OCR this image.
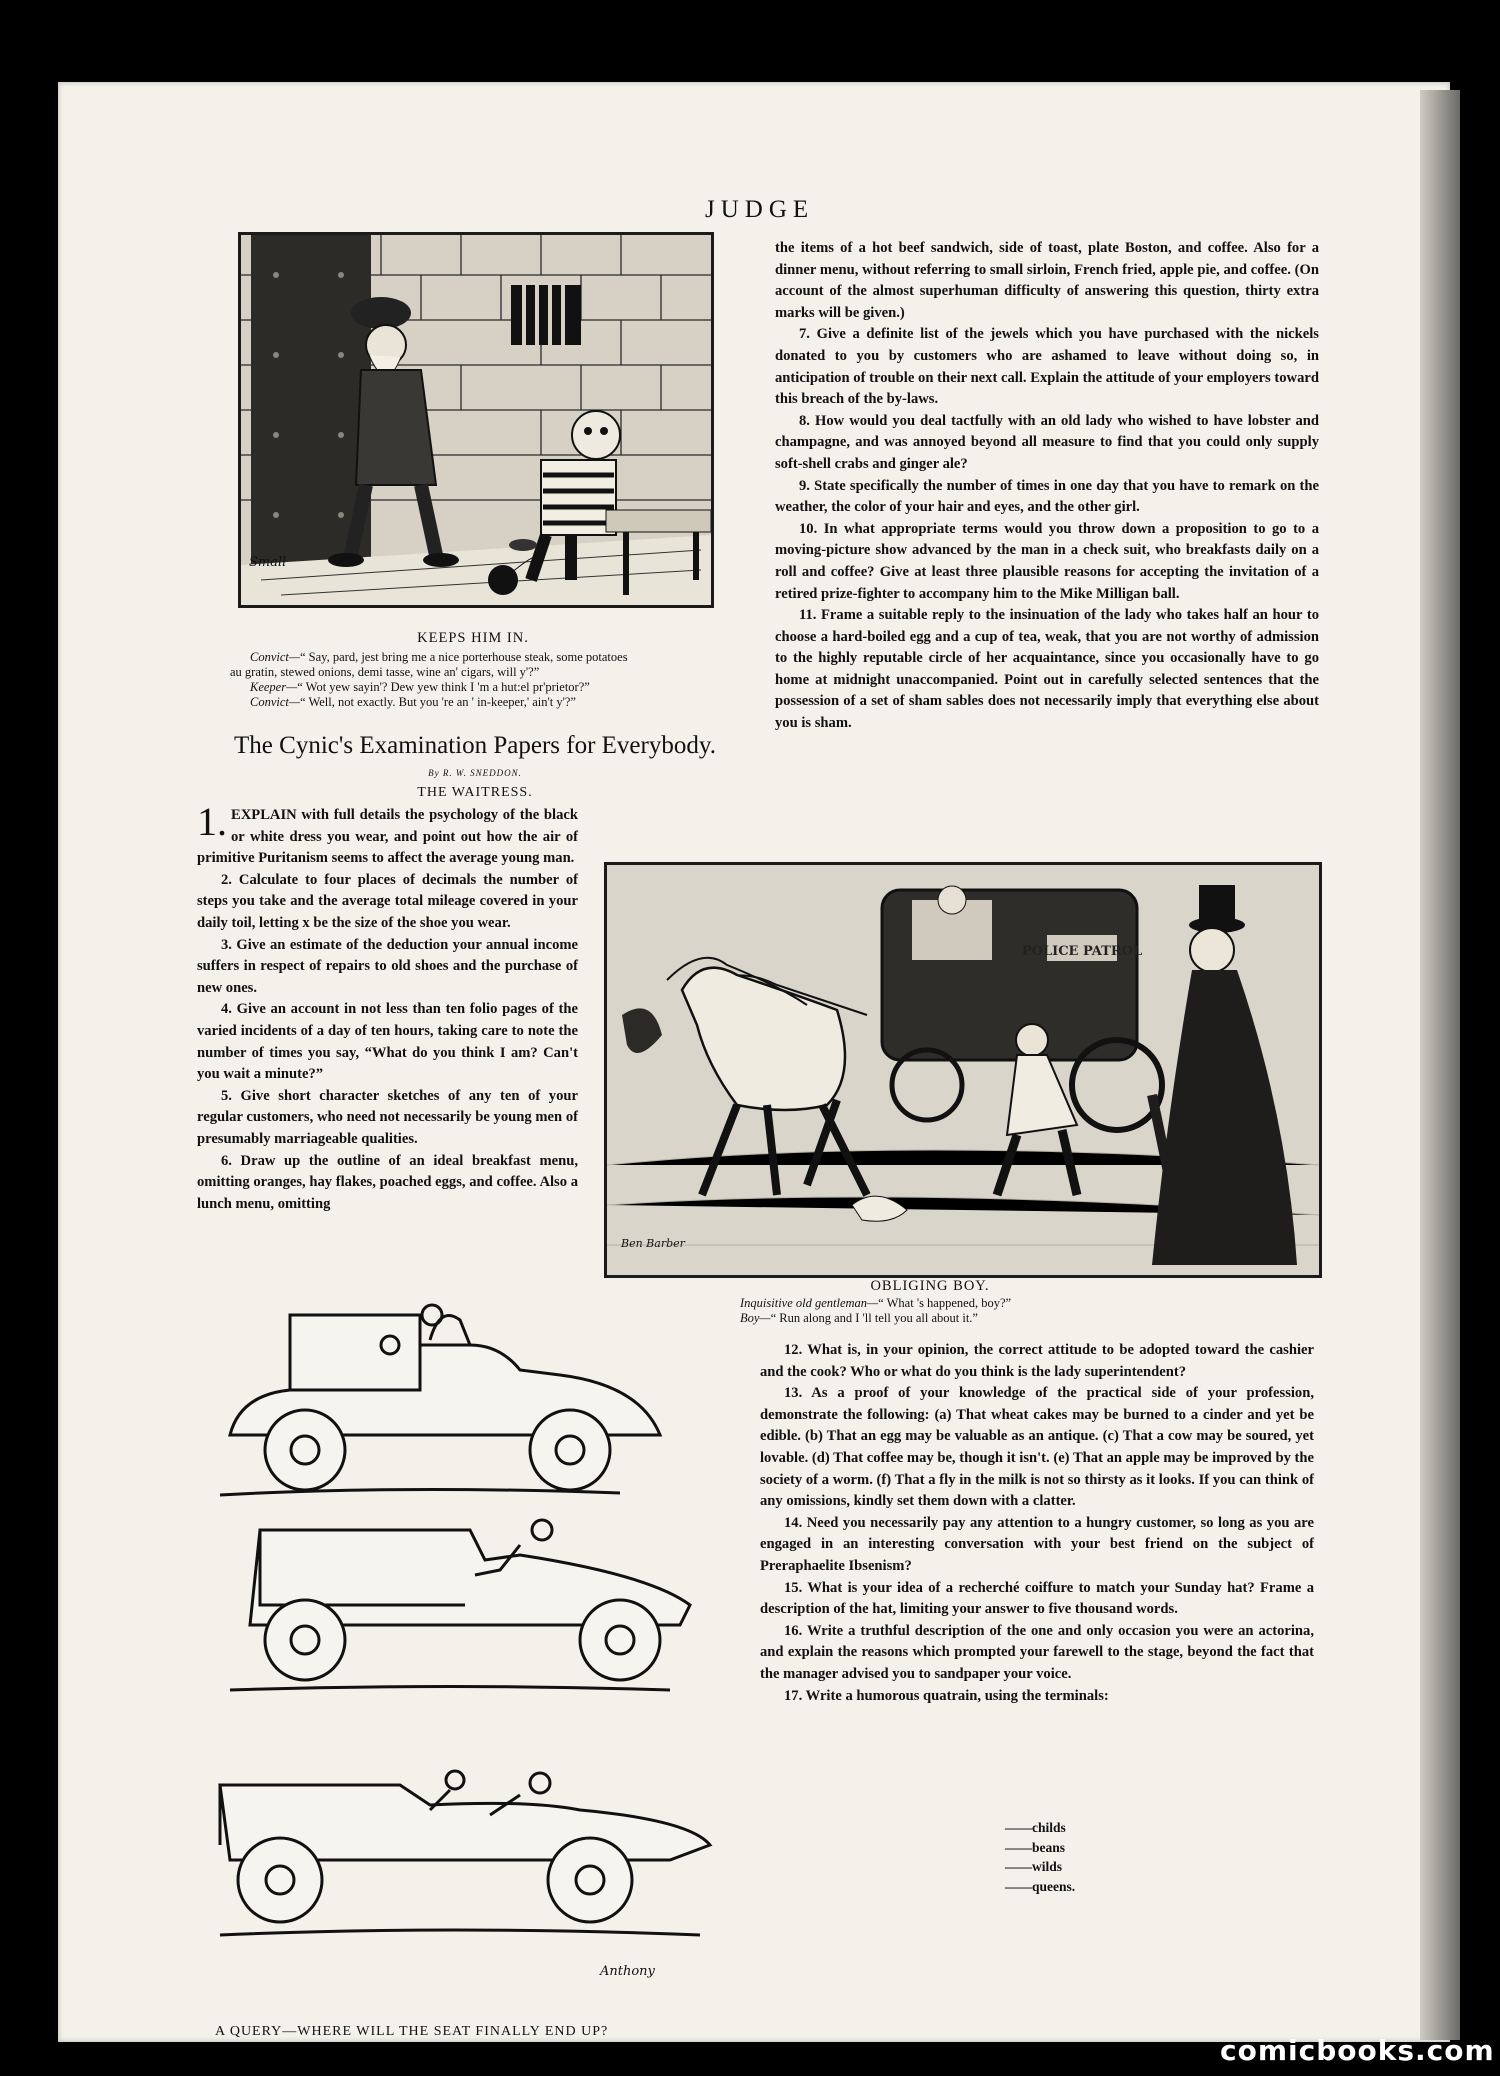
JUDGE
Small
KEEPS HIM IN.
Convict—“ Say, pard, jest bring me a nice porterhouse steak, some potatoes
au gratin, stewed onions, demi tasse, wine an' cigars, will y'?”
Keeper—“ Wot yew sayin'? Dew yew think I 'm a hut:el pr'prietor?”
Convict—“ Well, not exactly. But you 're an ' in-keeper,' ain't y'?”
The Cynic's Examination Papers for Everybody.
By R. W. SNEDDON.
THE WAITRESS.

1. EXPLAIN with full details the psychology of the black or white dress you wear, and point out how the air of primitive Puritanism seems to affect the average young man.

2. Calculate to four places of decimals the number of steps you take and the average total mileage covered in your daily toil, letting x be the size of the shoe you wear.

3. Give an estimate of the deduction your annual income suffers in respect of repairs to old shoes and the purchase of new ones.

4. Give an account in not less than ten folio pages of the varied incidents of a day of ten hours, taking care to note the number of times you say, “What do you think I am? Can't you wait a minute?”

5. Give short character sketches of any ten of your regular customers, who need not necessarily be young men of presumably marriageable qualities.

6. Draw up the outline of an ideal breakfast menu, omitting oranges, hay flakes, poached eggs, and coffee. Also a lunch menu, omitting

the items of a hot beef sandwich, side of toast, plate Boston, and coffee. Also for a dinner menu, without referring to small sirloin, French fried, apple pie, and coffee. (On account of the almost superhuman difficulty of answering this question, thirty extra marks will be given.)

7. Give a definite list of the jewels which you have purchased with the nickels donated to you by customers who are ashamed to leave without doing so, in anticipation of trouble on their next call. Explain the attitude of your employers toward this breach of the by-laws.

8. How would you deal tactfully with an old lady who wished to have lobster and champagne, and was annoyed beyond all measure to find that you could only supply soft-shell crabs and ginger ale?

9. State specifically the number of times in one day that you have to remark on the weather, the color of your hair and eyes, and the other girl.

10. In what appropriate terms would you throw down a proposition to go to a moving-picture show advanced by the man in a check suit, who breakfasts daily on a roll and coffee? Give at least three plausible reasons for accepting the invitation of a retired prize-fighter to accompany him to the Mike Milligan ball.

11. Frame a suitable reply to the insinuation of the lady who takes half an hour to choose a hard-boiled egg and a cup of tea, weak, that you are not worthy of admission to the highly reputable circle of her acquaintance, since you occasionally have to go home at midnight unaccompanied. Point out in carefully selected sentences that the possession of a set of sham sables does not necessarily imply that everything else about you is sham.

POLICE PATROL
Ben Barber
OBLIGING BOY.
Inquisitive old gentleman—“ What 's happened, boy?”
Boy—“ Run along and I 'll tell you all about it.”

12. What is, in your opinion, the correct attitude to be adopted toward the cashier and the cook? Who or what do you think is the lady superintendent?

13. As a proof of your knowledge of the practical side of your profession, demonstrate the following: (a) That wheat cakes may be burned to a cinder and yet be edible. (b) That an egg may be valuable as an antique. (c) That a cow may be soured, yet lovable. (d) That coffee may be, though it isn't. (e) That an apple may be improved by the society of a worm. (f) That a fly in the milk is not so thirsty as it looks. If you can think of any omissions, kindly set them down with a clatter.

14. Need you necessarily pay any attention to a hungry customer, so long as you are engaged in an interesting conversation with your best friend on the subject of Preraphaelite Ibsenism?

15. What is your idea of a recherché coiffure to match your Sunday hat? Frame a description of the hat, limiting your answer to five thousand words.

16. Write a truthful description of the one and only occasion you were an actorina, and explain the reasons which prompted your farewell to the stage, beyond the fact that the manager advised you to sandpaper your voice.

17. Write a humorous quatrain, using the terminals:

——childs
——beans
——wilds
——queens.
Anthony
A QUERY—WHERE WILL THE SEAT FINALLY END UP?
comicbooks.com
